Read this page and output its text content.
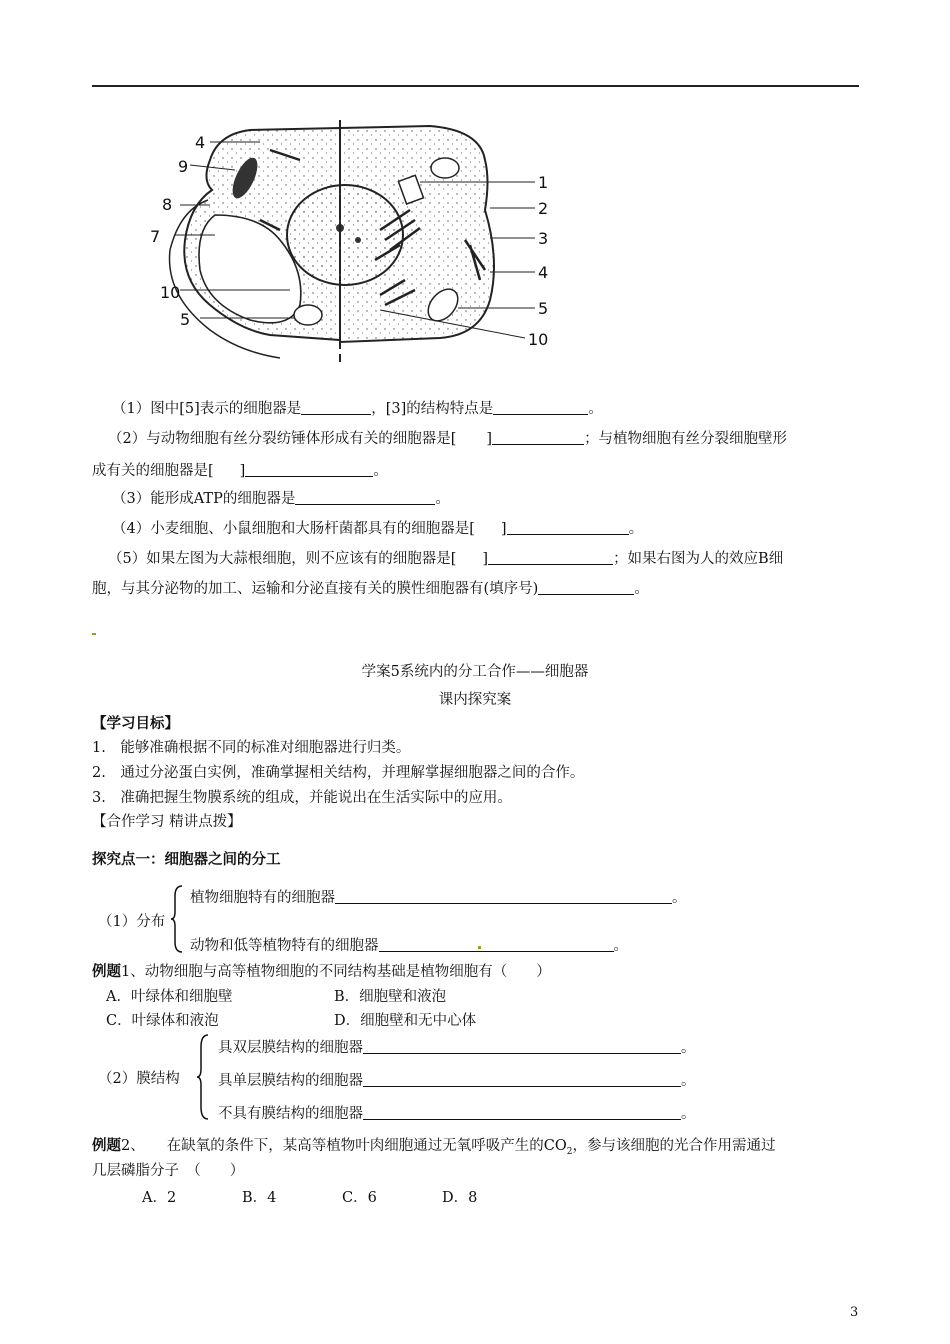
4
9
8
7
10
5
1
2
3
4
5
10
（1）图中[5]表示的细胞器是	，[3]的结构特点是	。
（2）与动物细胞有丝分裂纺锤体形成有关的细胞器是[ ]	；与植物细胞有丝分裂细胞壁形
成有关的细胞器是[ ]	。
（3）能形成ATP的细胞器是	。
（4）小麦细胞、小鼠细胞和大肠杆菌都具有的细胞器是[ ]	。
（5）如果左图为大蒜根细胞，则不应该有的细胞器是[ ]	；如果右图为人的效应B细
胞，与其分泌物的加工、运输和分泌直接有关的膜性细胞器有(填序号)	。
学案5系统内的分工合作——细胞器
课内探究案
【学习目标】
1.　能够准确根据不同的标准对细胞器进行归类。
2.　通过分泌蛋白实例，准确掌握相关结构，并理解掌握细胞器之间的合作。
3.　准确把握生物膜系统的组成，并能说出在生活实际中的应用。
【合作学习 精讲点拨】
探究点一：细胞器之间的分工
（1）分布
植物细胞特有的细胞器	。
动物和低等植物特有的细胞器	。
例题1、动物细胞与高等植物细胞的不同结构基础是植物细胞有（　　）
A．叶绿体和细胞壁	B．细胞壁和液泡
C．叶绿体和液泡	D．细胞壁和无中心体
（2）膜结构
具双层膜结构的细胞器	。
具单层膜结构的细胞器	。
不具有膜结构的细胞器	。
例题2、 在缺氧的条件下，某高等植物叶肉细胞通过无氧呼吸产生的$CO_2$，参与该细胞的光合作用需通过
几层磷脂分子　（　　）
A．2	B．4	C．6	D．8
3
